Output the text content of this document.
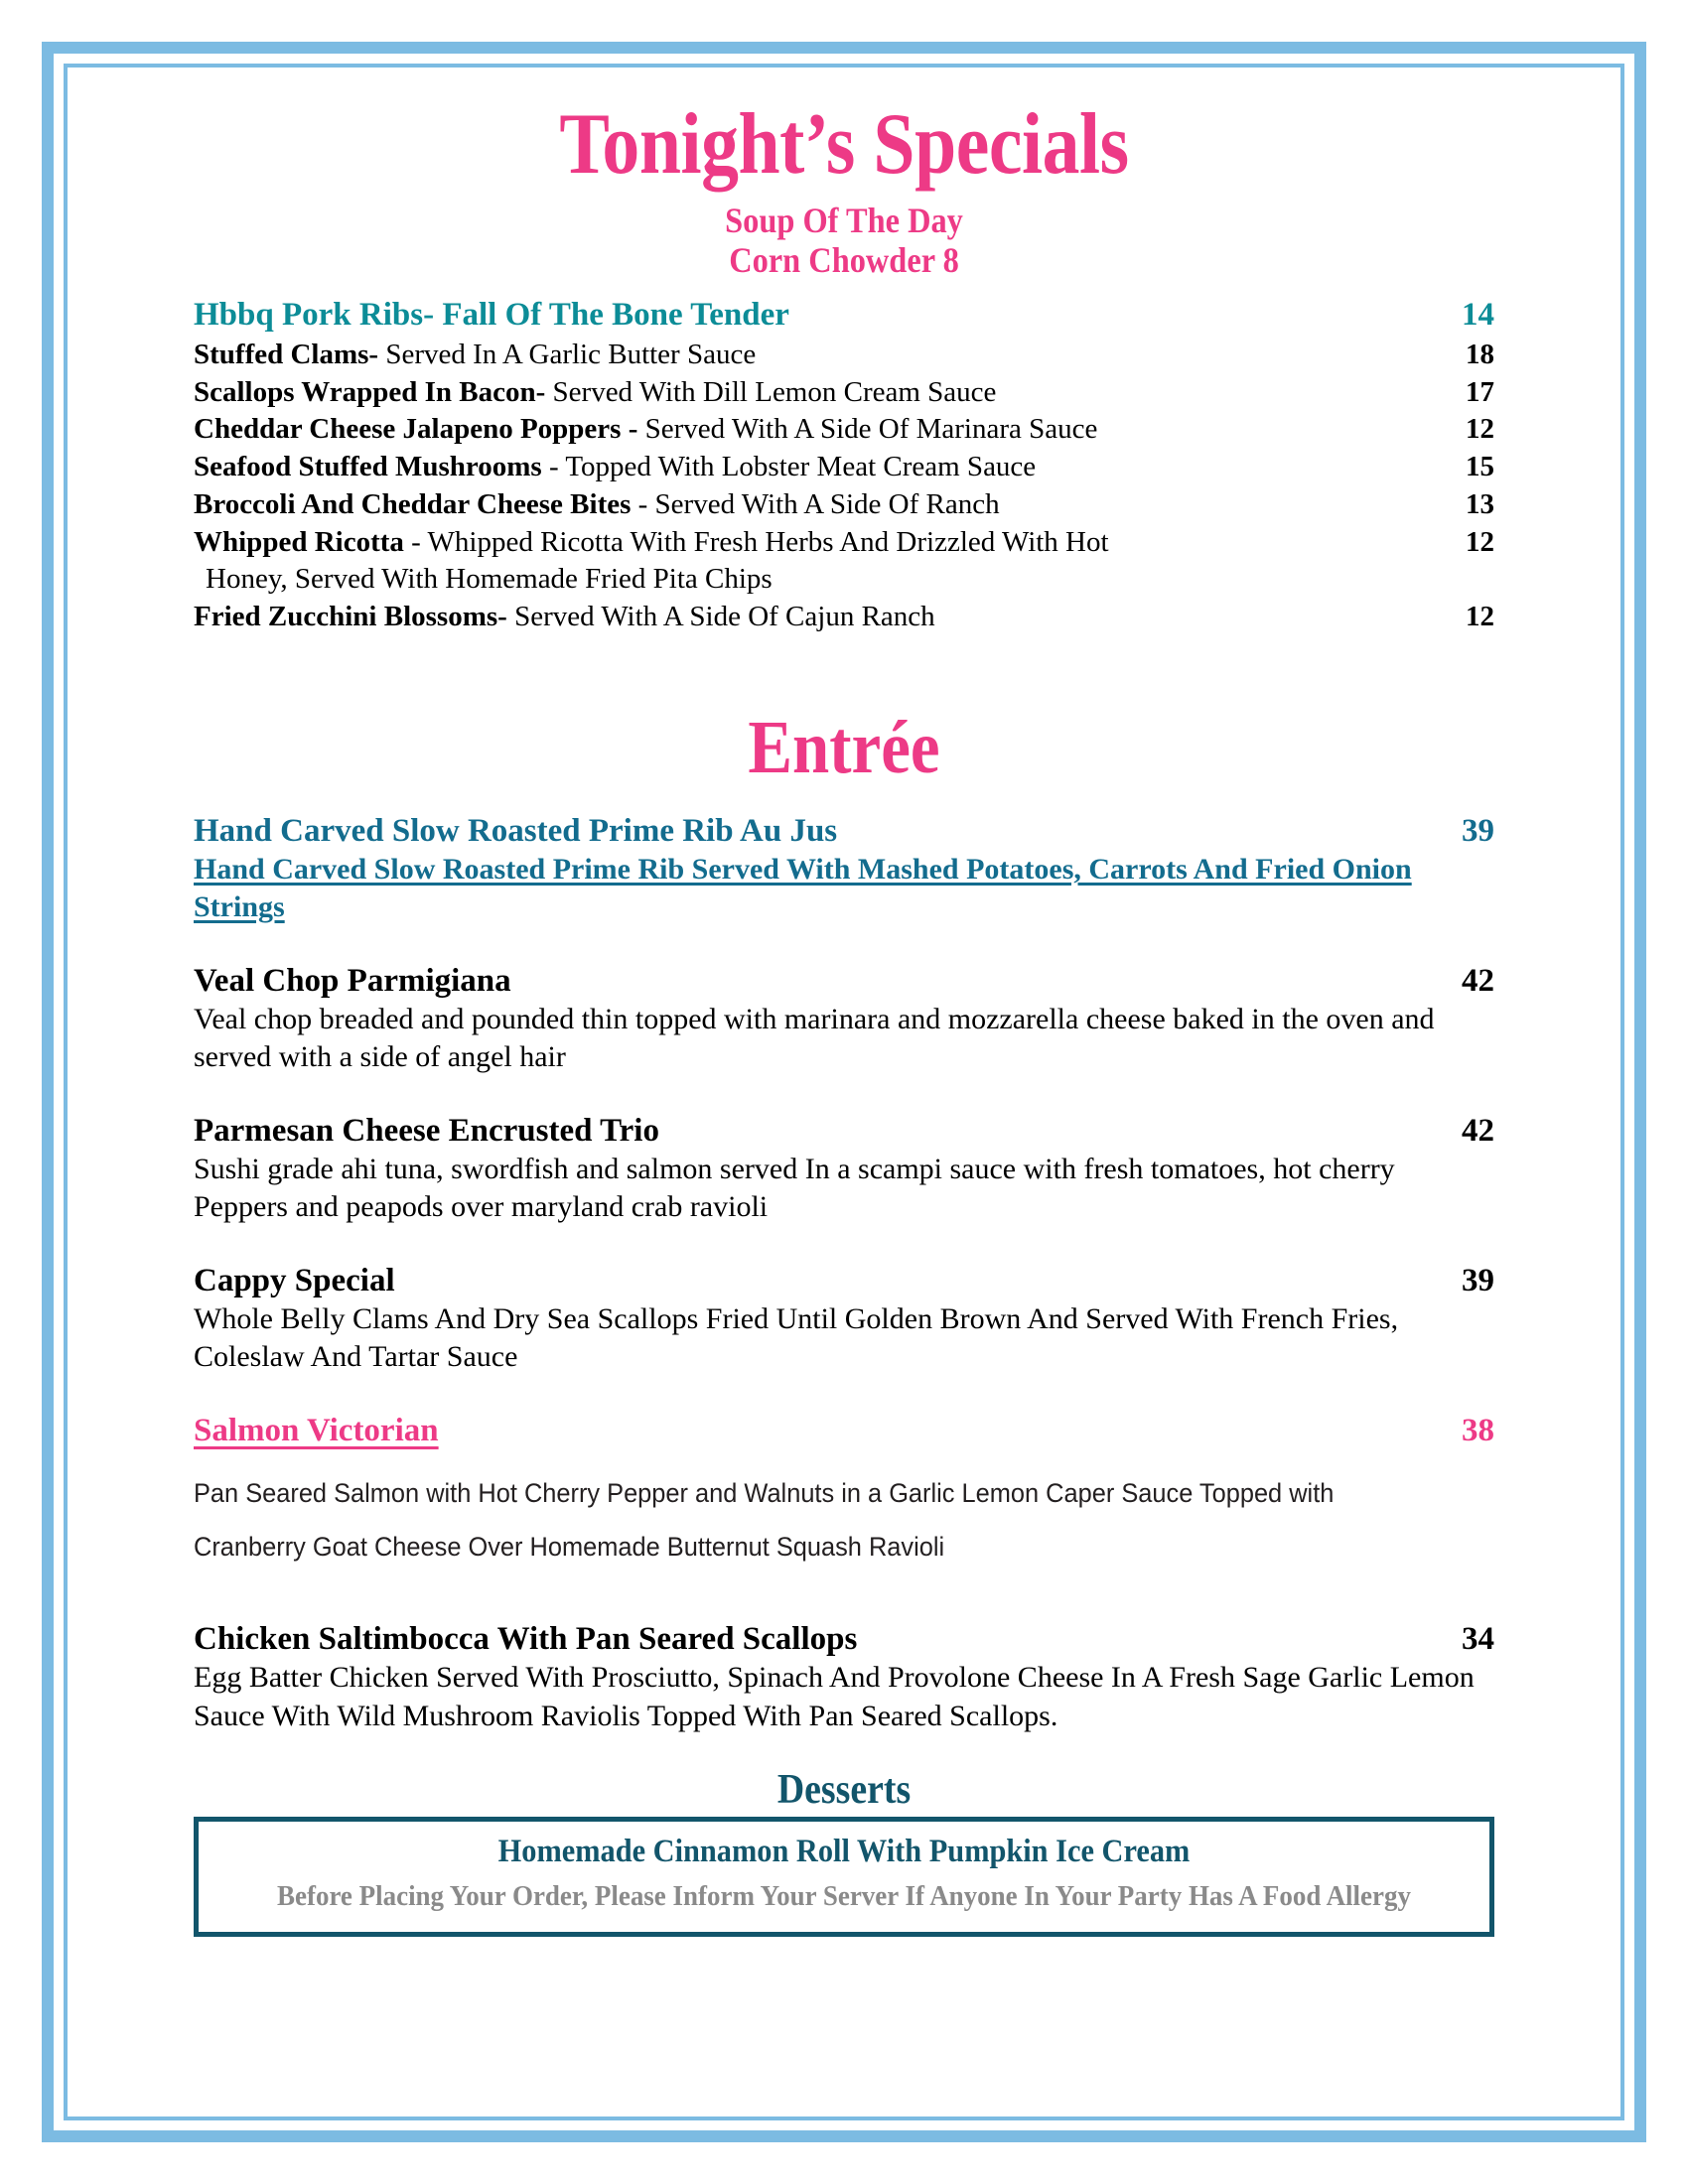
Tonight’s Specials
Soup Of The Day
Corn Chowder 8
Hbbq Pork Ribs- Fall Of The Bone Tender	14
Stuffed Clams- Served In A Garlic Butter Sauce	18
Scallops Wrapped In Bacon- Served With Dill Lemon Cream Sauce	17
Cheddar Cheese Jalapeno Poppers - Served With A Side Of Marinara Sauce	12
Seafood Stuffed Mushrooms - Topped With Lobster Meat Cream Sauce	15
Broccoli And Cheddar Cheese Bites - Served With A Side Of Ranch	13
Whipped Ricotta - Whipped Ricotta With Fresh Herbs And Drizzled With Hot	12
Honey, Served With Homemade Fried Pita Chips
Fried Zucchini Blossoms- Served With A Side Of Cajun Ranch	12
Entrée
Hand Carved Slow Roasted Prime Rib Au Jus	39
Hand Carved Slow Roasted Prime Rib Served With Mashed Potatoes, Carrots And Fried Onion Strings
Veal Chop Parmigiana	42
Veal chop breaded and pounded thin topped with marinara and mozzarella cheese baked in the oven and served with a side of angel hair
Parmesan Cheese Encrusted Trio	42
Sushi grade ahi tuna, swordfish and salmon served In a scampi sauce with fresh tomatoes, hot cherry Peppers and peapods over maryland crab ravioli
Cappy Special	39
Whole Belly Clams And Dry Sea Scallops Fried Until Golden Brown And Served With French Fries, Coleslaw And Tartar Sauce
Salmon Victorian	38
Pan Seared Salmon with Hot Cherry Pepper and Walnuts in a Garlic Lemon Caper Sauce Topped with Cranberry Goat Cheese Over Homemade Butternut Squash Ravioli
Chicken Saltimbocca With Pan Seared Scallops	34
Egg Batter Chicken Served With Prosciutto, Spinach And Provolone Cheese In A Fresh Sage Garlic Lemon Sauce With Wild Mushroom Raviolis Topped With Pan Seared Scallops.
Desserts
Homemade Cinnamon Roll With Pumpkin Ice Cream
Before Placing Your Order, Please Inform Your Server If Anyone In Your Party Has A Food Allergy
